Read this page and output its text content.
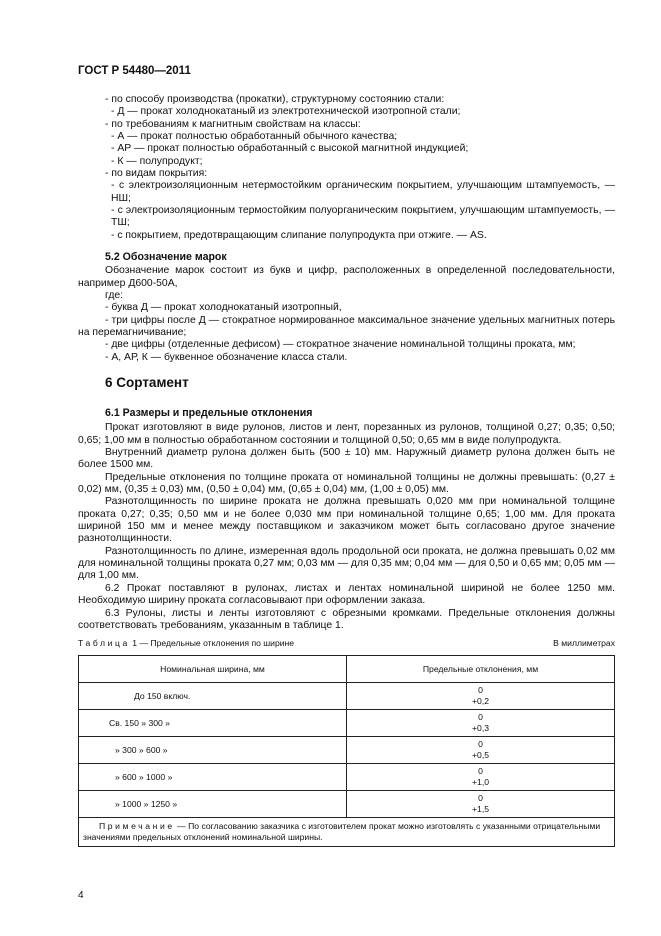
ГОСТ Р 54480—2011

- по способу производства (прокатки), структурному состоянию стали:

- Д — прокат холоднокатаный из электротехнической изотропной стали;

- по требованиям к магнитным свойствам на классы:

- А — прокат полностью обработанный обычного качества;

- АР — прокат полностью обработанный с высокой магнитной индукцией;

- К — полупродукт;

- по видам покрытия:

- с электроизоляционным нетермостойким органическим покрытием, улучшающим штампуемость, — НШ;

- с электроизоляционным термостойким полуорганическим покрытием, улучшающим штампуемость, — ТШ;

- с покрытием, предотвращающим слипание полупродукта при отжиге. — AS.

5.2 Обозначение марок

Обозначение марок состоит из букв и цифр, расположенных в определенной последовательности, например Д600-50А,

где:

- буква Д — прокат холоднокатаный изотропный,

- три цифры после Д — стократное нормированное максимальное значение удельных магнитных потерь на перемагничивание;

- две цифры (отделенные дефисом) — стократное значение номинальной толщины проката, мм;

- А, АР, К — буквенное обозначение класса стали.

6 Сортамент

6.1 Размеры и предельные отклонения

Прокат изготовляют в виде рулонов, листов и лент, порезанных из рулонов, толщиной 0,27; 0,35; 0,50; 0,65; 1,00 мм в полностью обработанном состоянии и толщиной 0,50; 0,65 мм в виде полупродукта.

Внутренний диаметр рулона должен быть (500 ± 10) мм. Наружный диаметр рулона должен быть не более 1500 мм.

Предельные отклонения по толщине проката от номинальной толщины не должны превышать: (0,27 ± 0,02) мм, (0,35 ± 0,03) мм, (0,50 ± 0,04) мм, (0,65 ± 0,04) мм, (1,00 ± 0,05) мм.

Разнотолщинность по ширине проката не должна превышать 0,020 мм при номинальной толщине проката 0,27; 0,35; 0,50 мм и не более 0,030 мм при номинальной толщине 0,65; 1,00 мм. Для проката шириной 150 мм и менее между поставщиком и заказчиком может быть согласовано другое значение разнотолщинности.

Разнотолщинность по длине, измеренная вдоль продольной оси проката, не должна превышать 0,02 мм для номинальной толщины проката 0,27 мм; 0,03 мм — для 0,35 мм; 0,04 мм — для 0,50 и 0,65 мм; 0,05 мм — для 1,00 мм.

6.2 Прокат поставляют в рулонах, листах и лентах номинальной шириной не более 1250 мм. Необходимую ширину проката согласовывают при оформлении заказа.

6.3 Рулоны, листы и ленты изготовляют с обрезными кромками. Предельные отклонения должны соответствовать требованиям, указанным в таблице 1.

Таблица 1 — Предельные отклонения по ширине	В миллиметрах
Номинальная ширина, мм	Предельные отклонения, мм
До 150 включ.	0
+0,2

Св. 150 » 300 »	0
+0,3

» 300 » 600 »	0
+0,5

» 600 » 1000 »	0
+1,0

» 1000 » 1250 »	0
+1,5

Примечание — По согласованию заказчика с изготовителем прокат можно изготовлять с указанными отрицательными значениями предельных отклонений номинальной ширины.	
4
